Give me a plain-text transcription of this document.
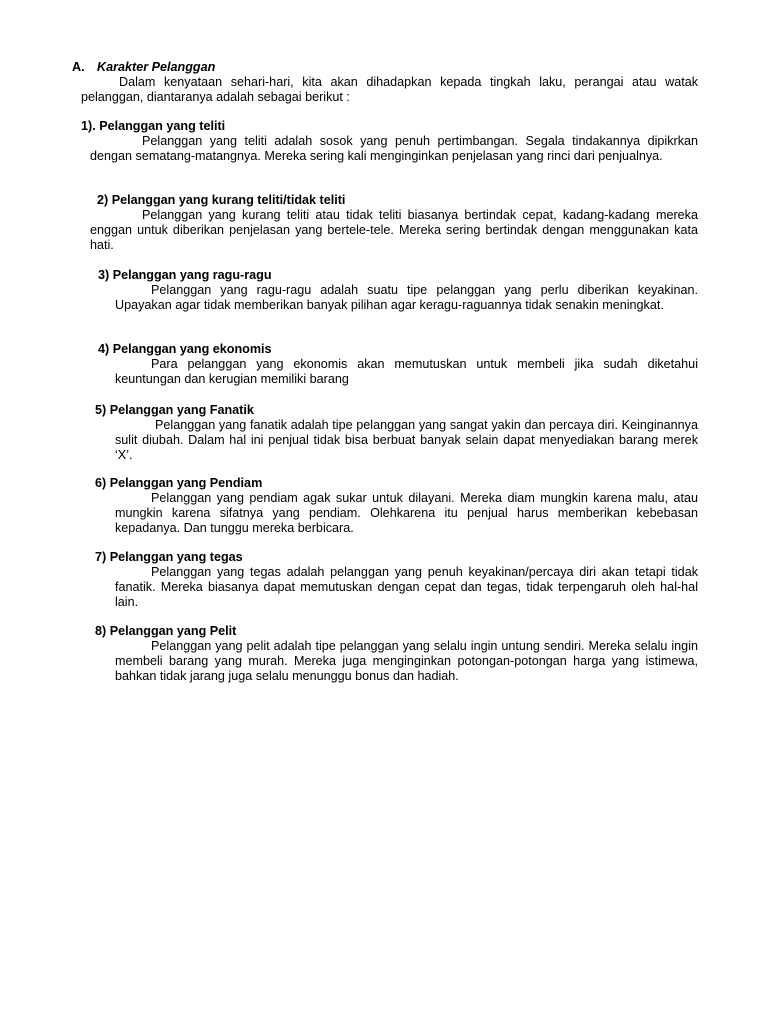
A. Karakter Pelanggan

Dalam kenyataan sehari-hari, kita akan dihadapkan kepada tingkah laku, perangai atau watak pelanggan, diantaranya adalah sebagai berikut :

1). Pelanggan yang teliti

Pelanggan yang teliti adalah sosok yang penuh pertimbangan. Segala tindakannya dipikrkan dengan sematang-matangnya. Mereka sering kali menginginkan penjelasan yang rinci dari penjualnya.

2) Pelanggan yang kurang teliti/tidak teliti

Pelanggan yang kurang teliti atau tidak teliti biasanya bertindak cepat, kadang-kadang mereka enggan untuk diberikan penjelasan yang bertele-tele. Mereka sering bertindak dengan menggunakan kata hati.

3) Pelanggan yang ragu-ragu

Pelanggan yang ragu-ragu adalah suatu tipe pelanggan yang perlu diberikan keyakinan. Upayakan agar tidak memberikan banyak pilihan agar keragu-raguannya tidak senakin meningkat.

4) Pelanggan yang ekonomis

Para pelanggan yang ekonomis akan memutuskan untuk membeli jika sudah diketahui keuntungan dan kerugian memiliki barang

5) Pelanggan yang Fanatik

Pelanggan yang fanatik adalah tipe pelanggan yang sangat yakin dan percaya diri. Keinginannya sulit diubah. Dalam hal ini penjual tidak bisa berbuat banyak selain dapat menyediakan barang merek ‘X’.

6) Pelanggan yang Pendiam

Pelanggan yang pendiam agak sukar untuk dilayani. Mereka diam mungkin karena malu, atau mungkin karena sifatnya yang pendiam. Olehkarena itu penjual harus memberikan kebebasan kepadanya. Dan tunggu mereka berbicara.

7) Pelanggan yang tegas

Pelanggan yang tegas adalah pelanggan yang penuh keyakinan/percaya diri akan tetapi tidak fanatik. Mereka biasanya dapat memutuskan dengan cepat dan tegas, tidak terpengaruh oleh hal-hal lain.

8) Pelanggan yang Pelit

Pelanggan yang pelit adalah tipe pelanggan yang selalu ingin untung sendiri. Mereka selalu ingin membeli barang yang murah. Mereka juga menginginkan potongan-potongan harga yang istimewa, bahkan tidak jarang juga selalu menunggu bonus dan hadiah.
